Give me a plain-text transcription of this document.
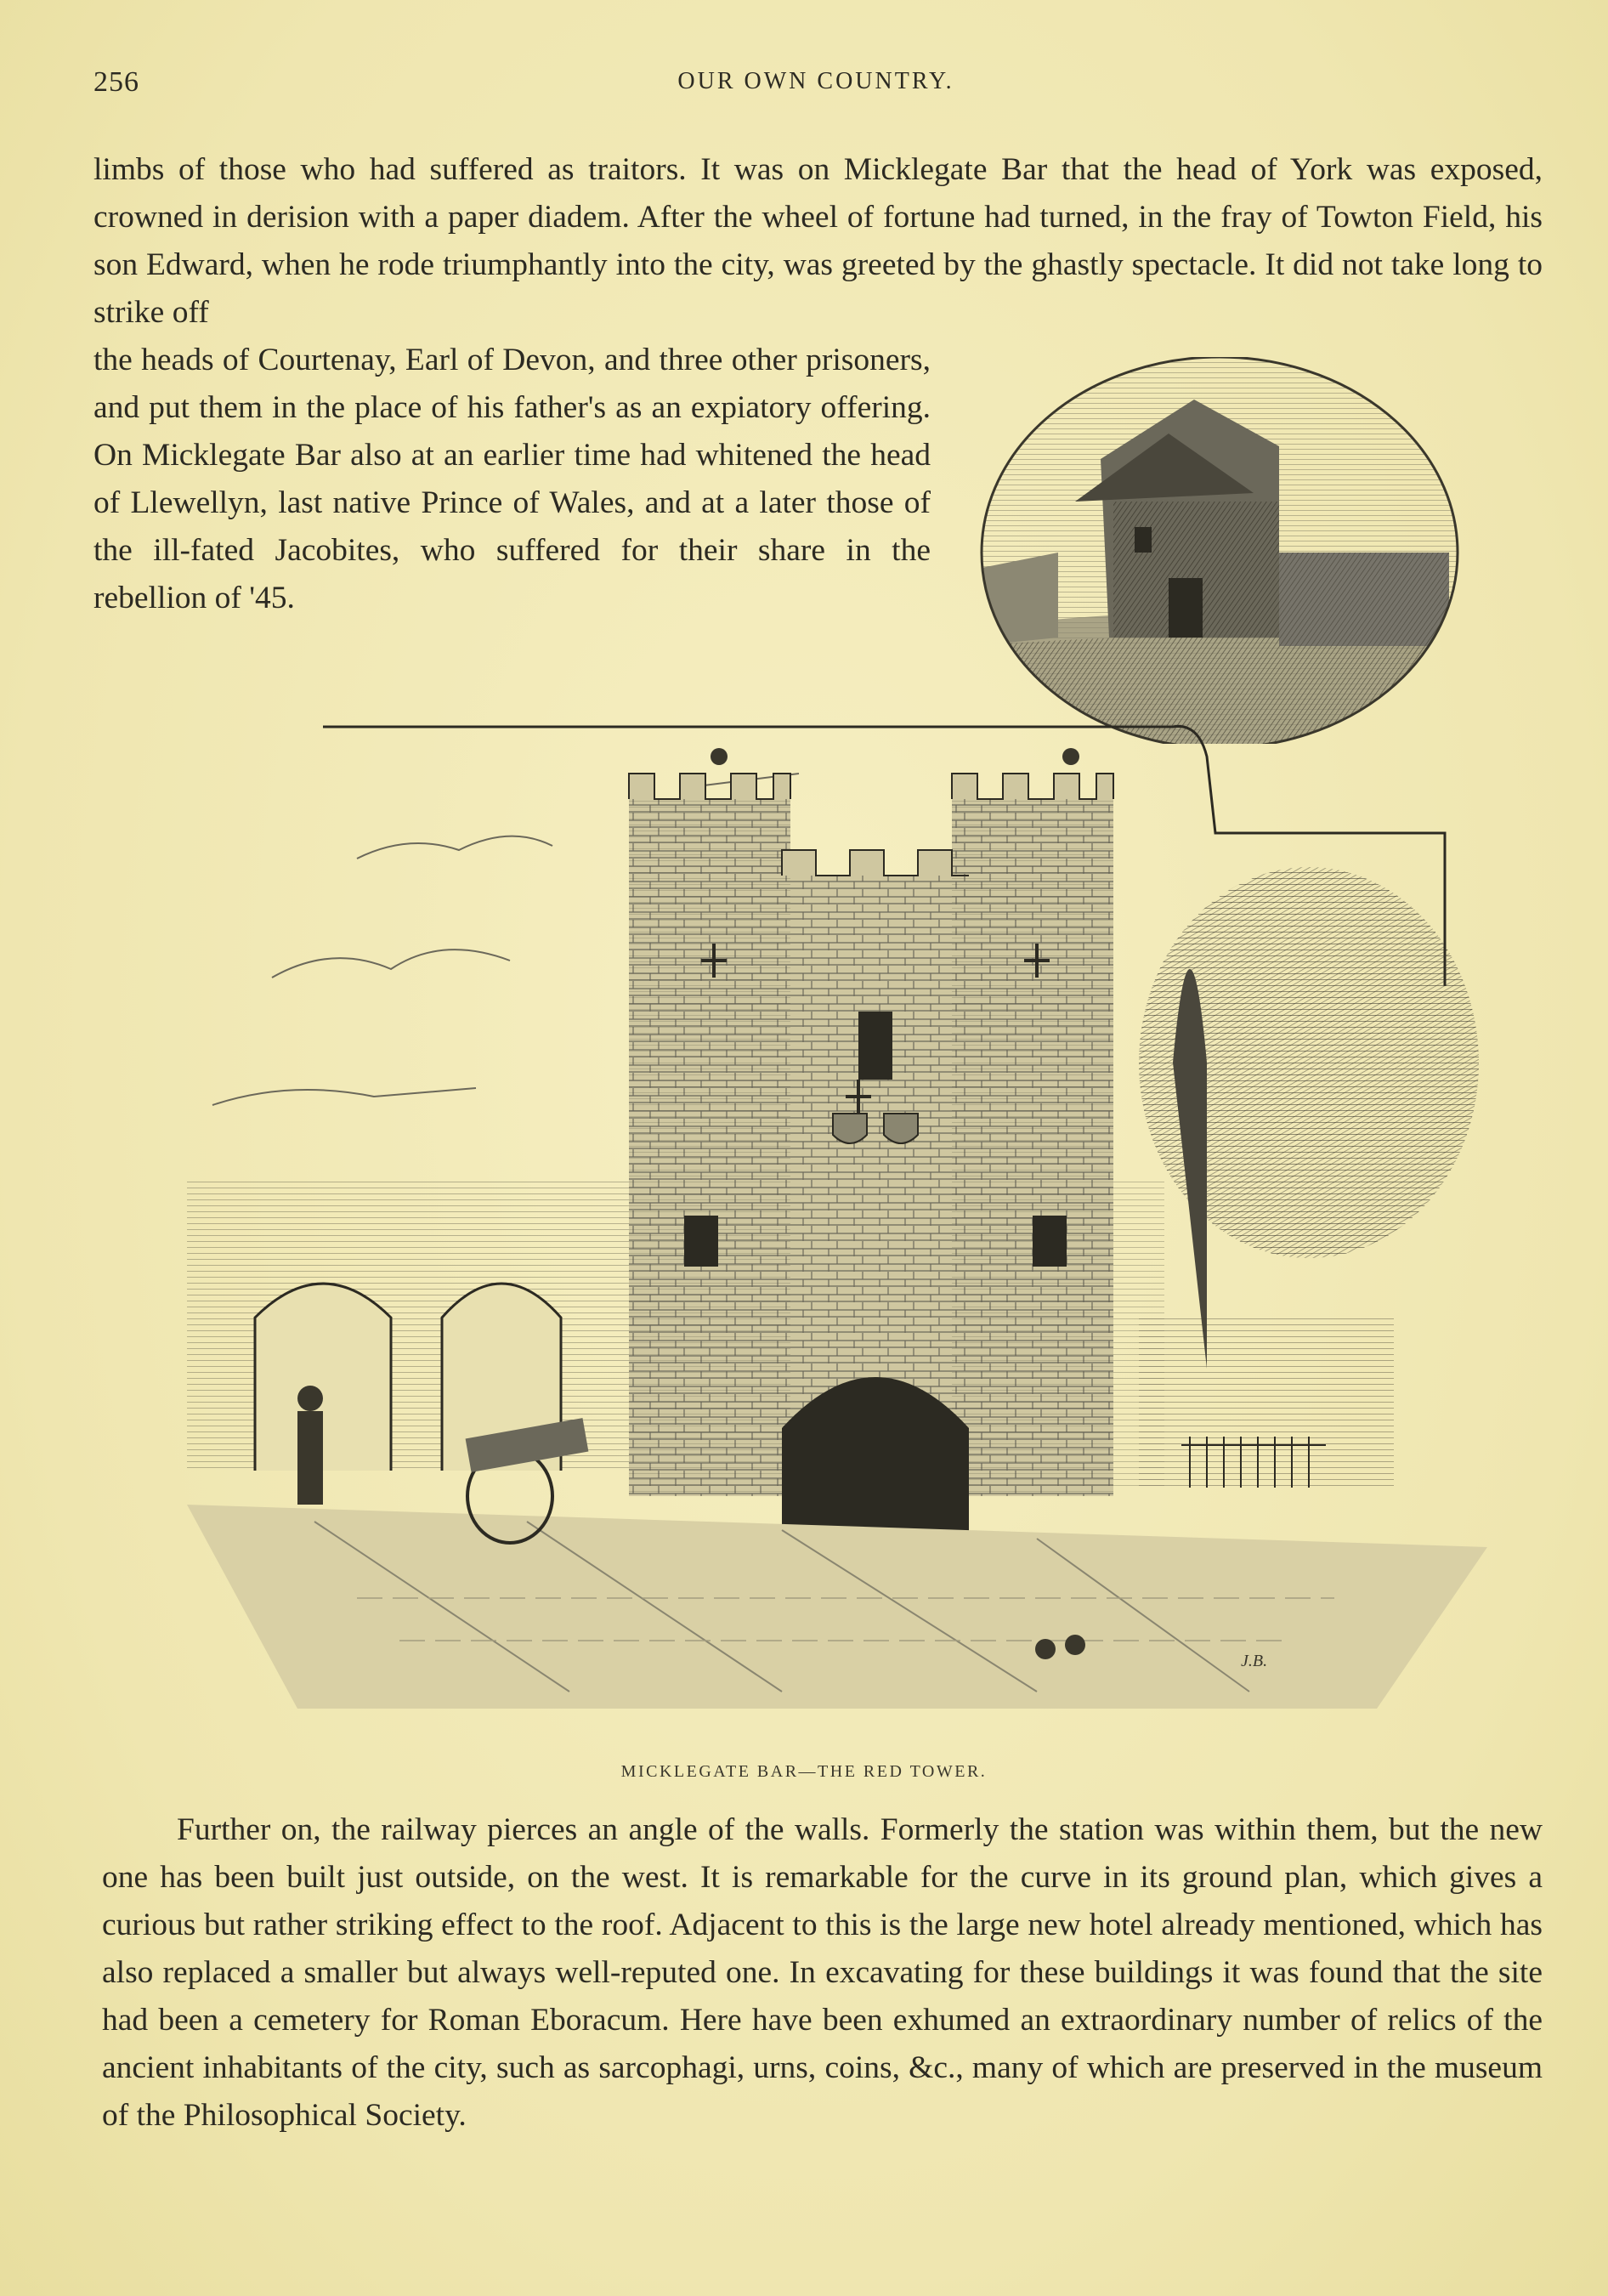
256	OUR OWN COUNTRY.

limbs of those who had suffered as traitors. It was on Micklegate Bar that the head of York was exposed, crowned in derision with a paper diadem. After the wheel of fortune had turned, in the fray of Towton Field, his son Edward, when he rode triumphantly into the city, was greeted by the ghastly spectacle. It did not take long to strike off

the heads of Courtenay, Earl of Devon, and three other prisoners, and put them in the place of his father's as an expiatory offering. On Micklegate Bar also at an earlier time had whitened the head of Llewellyn, last native Prince of Wales, and at a later those of the ill-fated Jacobites, who suffered for their share in the rebellion of '45.

J.B.
MICKLEGATE BAR—THE RED TOWER.

Further on, the railway pierces an angle of the walls. Formerly the station was within them, but the new one has been built just outside, on the west. It is remarkable for the curve in its ground plan, which gives a curious but rather striking effect to the roof. Adjacent to this is the large new hotel already mentioned, which has also replaced a smaller but always well-reputed one. In excavating for these buildings it was found that the site had been a cemetery for Roman Eboracum. Here have been exhumed an extraordinary number of relics of the ancient inhabitants of the city, such as sarcophagi, urns, coins, &c., many of which are preserved in the museum of the Philosophical Society.
